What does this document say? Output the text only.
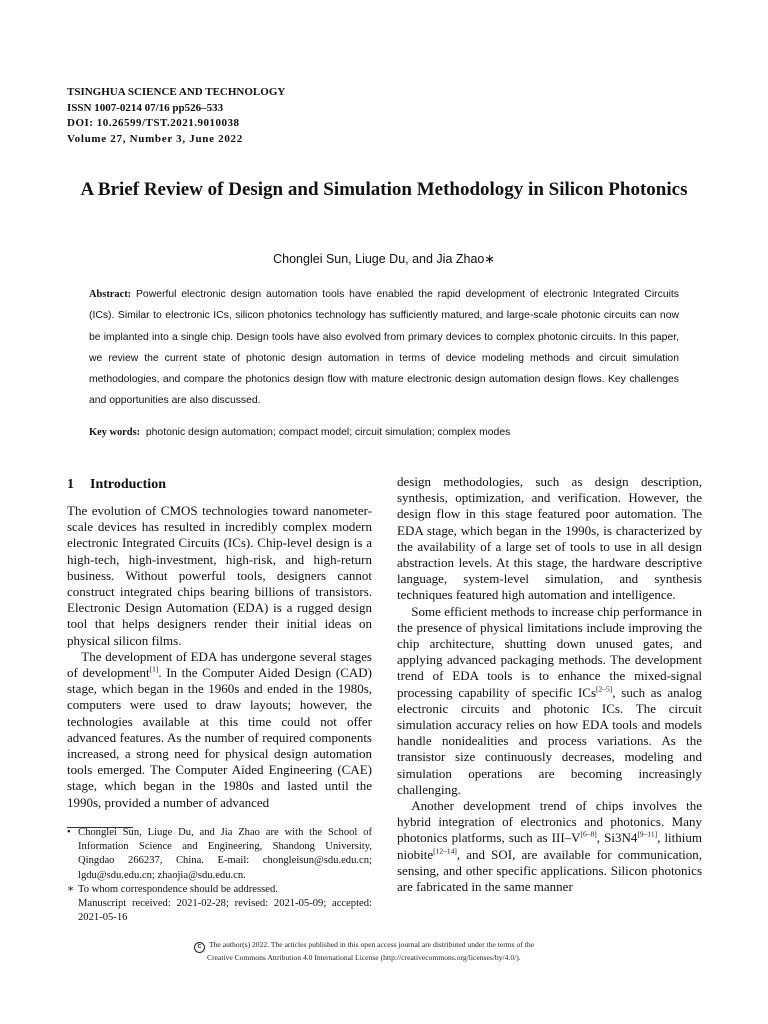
TSINGHUA SCIENCE AND TECHNOLOGY
ISSN 1007-0214 07/16 pp526–533
DOI: 10.26599/TST.2021.9010038
Volume 27, Number 3, June 2022
A Brief Review of Design and Simulation Methodology in Silicon Photonics
Chonglei Sun, Liuge Du, and Jia Zhao∗

Abstract: Powerful electronic design automation tools have enabled the rapid development of electronic Integrated Circuits (ICs). Similar to electronic ICs, silicon photonics technology has sufficiently matured, and large-scale photonic circuits can now be implanted into a single chip. Design tools have also evolved from primary devices to complex photonic circuits. In this paper, we review the current state of photonic design automation in terms of device modeling methods and circuit simulation methodologies, and compare the photonics design flow with mature electronic design automation design flows. Key challenges and opportunities are also discussed.

Key words: photonic design automation; compact model; circuit simulation; complex modes
1 Introduction

The evolution of CMOS technologies toward nanometer-scale devices has resulted in incredibly complex modern electronic Integrated Circuits (ICs). Chip-level design is a high-tech, high-investment, high-risk, and high-return business. Without powerful tools, designers cannot construct integrated chips bearing billions of transistors. Electronic Design Automation (EDA) is a rugged design tool that helps designers render their initial ideas on physical silicon films.

The development of EDA has undergone several stages of development[1]. In the Computer Aided Design (CAD) stage, which began in the 1960s and ended in the 1980s, computers were used to draw layouts; however, the technologies available at this time could not offer advanced features. As the number of required components increased, a strong need for physical design automation tools emerged. The Computer Aided Engineering (CAE) stage, which began in the 1980s and lasted until the 1990s, provided a number of advanced

• Chonglei Sun, Liuge Du, and Jia Zhao are with the School of Information Science and Engineering, Shandong University, Qingdao 266237, China. E-mail: chongleisun@sdu.edu.cn; lgdu@sdu.edu.cn; zhaojia@sdu.edu.cn.

∗ To whom correspondence should be addressed.

Manuscript received: 2021-02-28; revised: 2021-05-09; accepted: 2021-05-16

design methodologies, such as design description, synthesis, optimization, and verification. However, the design flow in this stage featured poor automation. The EDA stage, which began in the 1990s, is characterized by the availability of a large set of tools to use in all design abstraction levels. At this stage, the hardware descriptive language, system-level simulation, and synthesis techniques featured high automation and intelligence.

Some efficient methods to increase chip performance in the presence of physical limitations include improving the chip architecture, shutting down unused gates, and applying advanced packaging methods. The development trend of EDA tools is to enhance the mixed-signal processing capability of specific ICs[2–5], such as analog electronic circuits and photonic ICs. The circuit simulation accuracy relies on how EDA tools and models handle nonidealities and process variations. As the transistor size continuously decreases, modeling and simulation operations are becoming increasingly challenging.

Another development trend of chips involves the hybrid integration of electronics and photonics. Many photonics platforms, such as III–V[6–8], Si3N4[9–11], lithium niobite[12–14], and SOI, are available for communication, sensing, and other specific applications. Silicon photonics are fabricated in the same manner

C The author(s) 2022. The articles published in this open access journal are distributed under the terms of the
Creative Commons Attribution 4.0 International License (http://creativecommons.org/licenses/by/4.0/).
